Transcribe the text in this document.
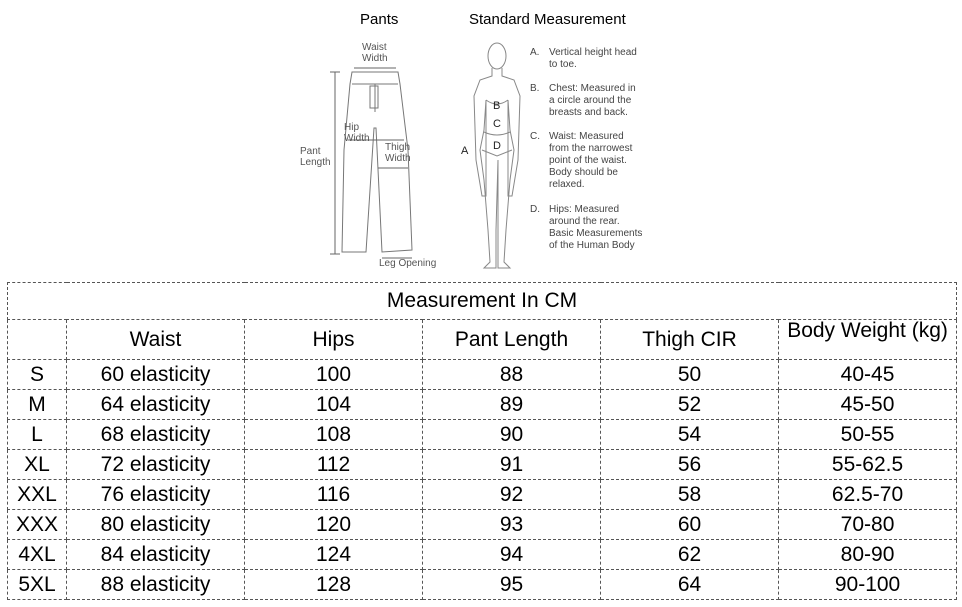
Pants	Standard Measurement
Waist
Width
Hip
Width
Pant
Length
Thigh
Width
Leg Opening
A
B
C
D
A. Vertical height head
to toe.
B. Chest: Measured in
a circle around the
breasts and back.
C. Waist: Measured
from the narrowest
point of the waist.
Body should be
relaxed.
D. Hips: Measured
around the rear.
Basic Measurements
of the Human Body
Measurement In CM					
	Waist	Hips	Pant Length	Thigh CIR	Body Weight (kg)
S	60 elasticity	100	88	50	40-45
M	64 elasticity	104	89	52	45-50
L	68 elasticity	108	90	54	50-55
XL	72 elasticity	112	91	56	55-62.5
XXL	76 elasticity	116	92	58	62.5-70
XXX	80 elasticity	120	93	60	70-80
4XL	84 elasticity	124	94	62	80-90
5XL	88 elasticity	128	95	64	90-100
